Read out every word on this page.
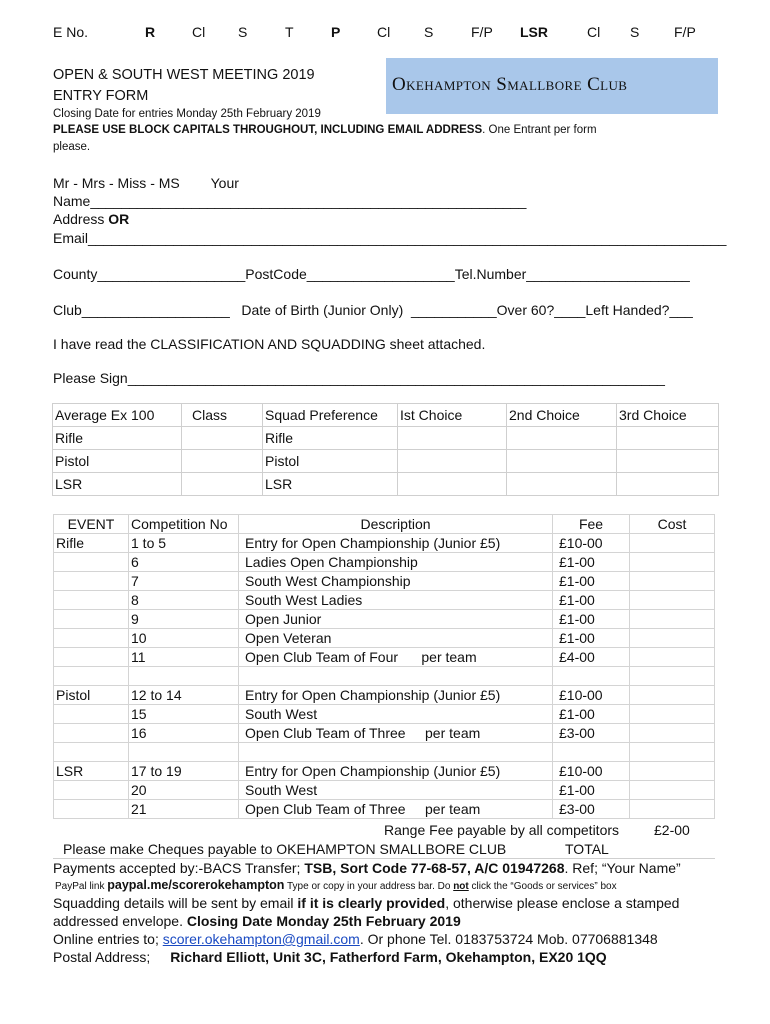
E No.	R	Cl S	T	P	Cl S	F/P LSR	Cl S F/P
OPEN & SOUTH WEST MEETING 2019
ENTRY FORM
Okehampton Smallbore Club
Closing Date for entries Monday 25th February 2019
PLEASE USE BLOCK CAPITALS THROUGHOUT, INCLUDING EMAIL ADDRESS. One Entrant per form
please.
Mr - Mrs - Miss - MS        Your
Name________________________________________________________
Address OR
Email__________________________________________________________________________________
County___________________PostCode___________________Tel.Number_____________________
Club___________________   Date of Birth (Junior Only)  ___________Over 60?____Left Handed?___
I have read the CLASSIFICATION AND SQUADDING sheet attached.
Please Sign_____________________________________________________________________
Average Ex 100	Class	Squad Preference	Ist Choice	2nd Choice	3rd Choice
Rifle		Rifle			
Pistol		Pistol			
LSR		LSR			
EVENT	Competition No	Description	Fee	Cost
Rifle	1 to 5	Entry for Open Championship (Junior £5)	£10-00	
	6	Ladies Open Championship	£1-00	
	7	South West Championship	£1-00	
	8	South West Ladies	£1-00	
	9	Open Junior	£1-00	
	10	Open Veteran	£1-00	
	11	Open Club Team of Four      per team	£4-00	

Pistol	12 to 14	Entry for Open Championship (Junior £5)	£10-00	
	15	South West	£1-00	
	16	Open Club Team of Three     per team	£3-00	

LSR	17 to 19	Entry for Open Championship (Junior £5)	£10-00	
	20	South West	£1-00	
	21	Open Club Team of Three     per team	£3-00	
Range Fee payable by all competitors £2-00
Please make Cheques payable to OKEHAMPTON SMALLBORE CLUB	TOTAL
Payments accepted by:-BACS Transfer; TSB, Sort Code 77-68-57, A/C 01947268. Ref; “Your Name”
PayPal link paypal.me/scorerokehampton Type or copy in your address bar. Do not click the “Goods or services” box
Squadding details will be sent by email if it is clearly provided, otherwise please enclose a stamped
addressed envelope. Closing Date Monday 25th February 2019
Online entries to; scorer.okehampton@gmail.com. Or phone Tel. 0183753724 Mob. 07706881348
Postal Address; Richard Elliott, Unit 3C, Fatherford Farm, Okehampton, EX20 1QQ
